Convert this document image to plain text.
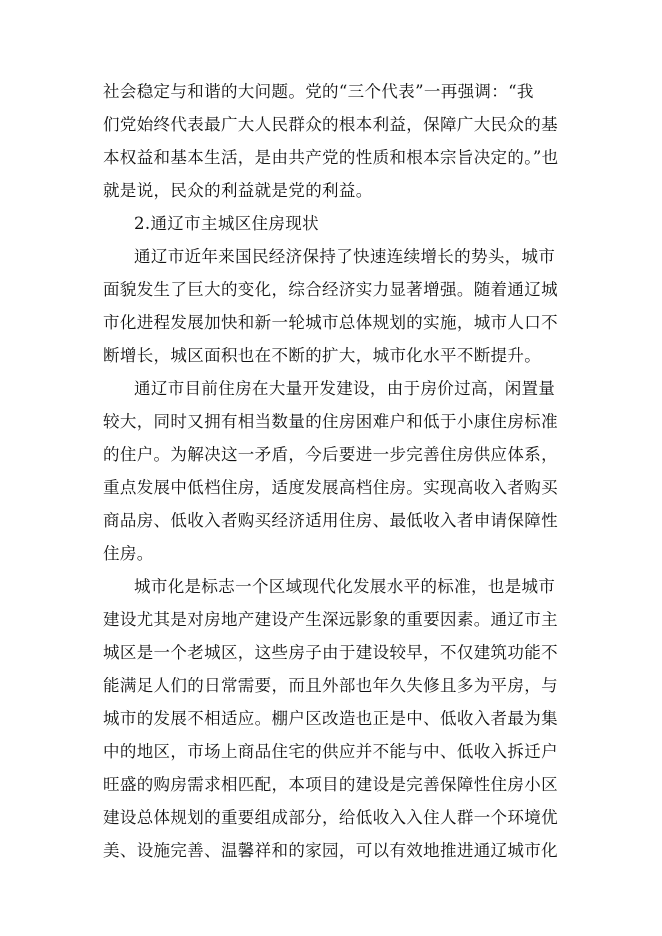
社会稳定与和谐的大问题。党的“三个代表”一再强调：“我
们党始终代表最广大人民群众的根本利益，保障广大民众的基
本权益和基本生活，是由共产党的性质和根本宗旨决定的。”也
就是说，民众的利益就是党的利益。
2.通辽市主城区住房现状
通辽市近年来国民经济保持了快速连续增长的势头，城市
面貌发生了巨大的变化，综合经济实力显著增强。随着通辽城
市化进程发展加快和新一轮城市总体规划的实施，城市人口不
断增长，城区面积也在不断的扩大，城市化水平不断提升。
通辽市目前住房在大量开发建设，由于房价过高，闲置量
较大，同时又拥有相当数量的住房困难户和低于小康住房标准
的住户。为解决这一矛盾，今后要进一步完善住房供应体系，
重点发展中低档住房，适度发展高档住房。实现高收入者购买
商品房、低收入者购买经济适用住房、最低收入者申请保障性
住房。
城市化是标志一个区域现代化发展水平的标准，也是城市
建设尤其是对房地产建设产生深远影象的重要因素。通辽市主
城区是一个老城区，这些房子由于建设较早，不仅建筑功能不
能满足人们的日常需要，而且外部也年久失修且多为平房，与
城市的发展不相适应。棚户区改造也正是中、低收入者最为集
中的地区，市场上商品住宅的供应并不能与中、低收入拆迁户
旺盛的购房需求相匹配，本项目的建设是完善保障性住房小区
建设总体规划的重要组成部分，给低收入入住人群一个环境优
美、设施完善、温馨祥和的家园，可以有效地推进通辽城市化
